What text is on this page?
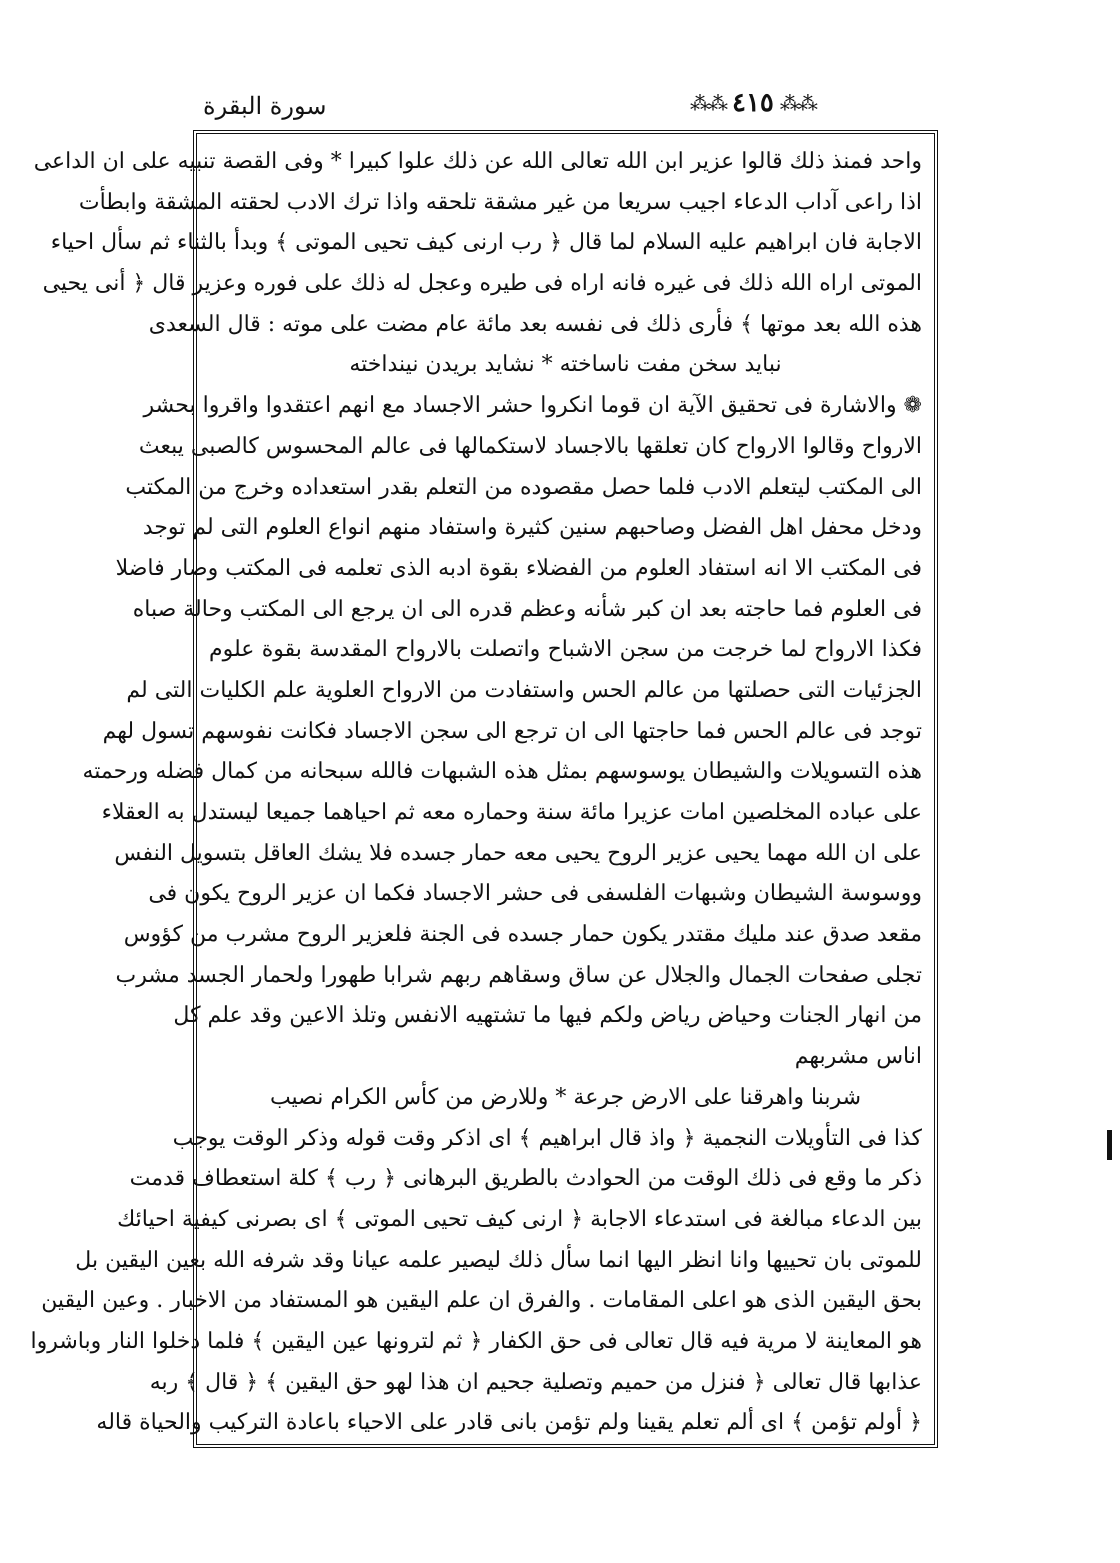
سورة البقرة	⁂⁂ ٤١٥ ⁂⁂
واحد فمنذ ذلك قالوا عزير ابن الله تعالى الله عن ذلك علوا كبيرا * وفى القصة تنبيه على ان الداعى
اذا راعى آداب الدعاء اجيب سريعا من غير مشقة تلحقه واذا ترك الادب لحقته المشقة وابطأت
الاجابة فان ابراهيم عليه السلام لما قال ﴿ رب ارنى كيف تحيى الموتى ﴾ وبدأ بالثناء ثم سأل احياء
الموتى اراه الله ذلك فى غيره فانه اراه فى طيره وعجل له ذلك على فوره وعزير قال ﴿ أنى يحيى
هذه الله بعد موتها ﴾ فأرى ذلك فى نفسه بعد مائة عام مضت على موته : قال السعدى
نبايد سخن مفت ناساخته * نشايد بريدن نينداخته
❁ والاشارة فى تحقيق الآية ان قوما انكروا حشر الاجساد مع انهم اعتقدوا واقروا بحشر
الارواح وقالوا الارواح كان تعلقها بالاجساد لاستكمالها فى عالم المحسوس كالصبى يبعث
الى المكتب ليتعلم الادب فلما حصل مقصوده من التعلم بقدر استعداده وخرج من المكتب
ودخل محفل اهل الفضل وصاحبهم سنين كثيرة واستفاد منهم انواع العلوم التى لم توجد
فى المكتب الا انه استفاد العلوم من الفضلاء بقوة ادبه الذى تعلمه فى المكتب وصار فاضلا
فى العلوم فما حاجته بعد ان كبر شأنه وعظم قدره الى ان يرجع الى المكتب وحالة صباه
فكذا الارواح لما خرجت من سجن الاشباح واتصلت بالارواح المقدسة بقوة علوم
الجزئيات التى حصلتها من عالم الحس واستفادت من الارواح العلوية علم الكليات التى لم
توجد فى عالم الحس فما حاجتها الى ان ترجع الى سجن الاجساد فكانت نفوسهم تسول لهم
هذه التسويلات والشيطان يوسوسهم بمثل هذه الشبهات فالله سبحانه من كمال فضله ورحمته
على عباده المخلصين امات عزيرا مائة سنة وحماره معه ثم احياهما جميعا ليستدل به العقلاء
على ان الله مهما يحيى عزير الروح يحيى معه حمار جسده فلا يشك العاقل بتسويل النفس
ووسوسة الشيطان وشبهات الفلسفى فى حشر الاجساد فكما ان عزير الروح يكون فى
مقعد صدق عند مليك مقتدر يكون حمار جسده فى الجنة فلعزير الروح مشرب من كؤوس
تجلى صفحات الجمال والجلال عن ساق وسقاهم ربهم شرابا طهورا ولحمار الجسد مشرب
من انهار الجنات وحياض رياض ولكم فيها ما تشتهيه الانفس وتلذ الاعين وقد علم كل
اناس مشربهم
شربنا واهرقنا على الارض جرعة * وللارض من كأس الكرام نصيب
كذا فى التأويلات النجمية ﴿ واذ قال ابراهيم ﴾ اى اذكر وقت قوله وذكر الوقت يوجب
ذكر ما وقع فى ذلك الوقت من الحوادث بالطريق البرهانى ﴿ رب ﴾ كلة استعطاف قدمت
بين الدعاء مبالغة فى استدعاء الاجابة ﴿ ارنى كيف تحيى الموتى ﴾ اى بصرنى كيفية احيائك
للموتى بان تحييها وانا انظر اليها انما سأل ذلك ليصير علمه عيانا وقد شرفه الله بعين اليقين بل
بحق اليقين الذى هو اعلى المقامات . والفرق ان علم اليقين هو المستفاد من الاخبار . وعين اليقين
هو المعاينة لا مرية فيه قال تعالى فى حق الكفار ﴿ ثم لترونها عين اليقين ﴾ فلما دخلوا النار وباشروا
عذابها قال تعالى ﴿ فنزل من حميم وتصلية جحيم ان هذا لهو حق اليقين ﴾ ﴿ قال ﴾ ربه
﴿ أولم تؤمن ﴾ اى ألم تعلم يقينا ولم تؤمن بانى قادر على الاحياء باعادة التركيب والحياة قاله
